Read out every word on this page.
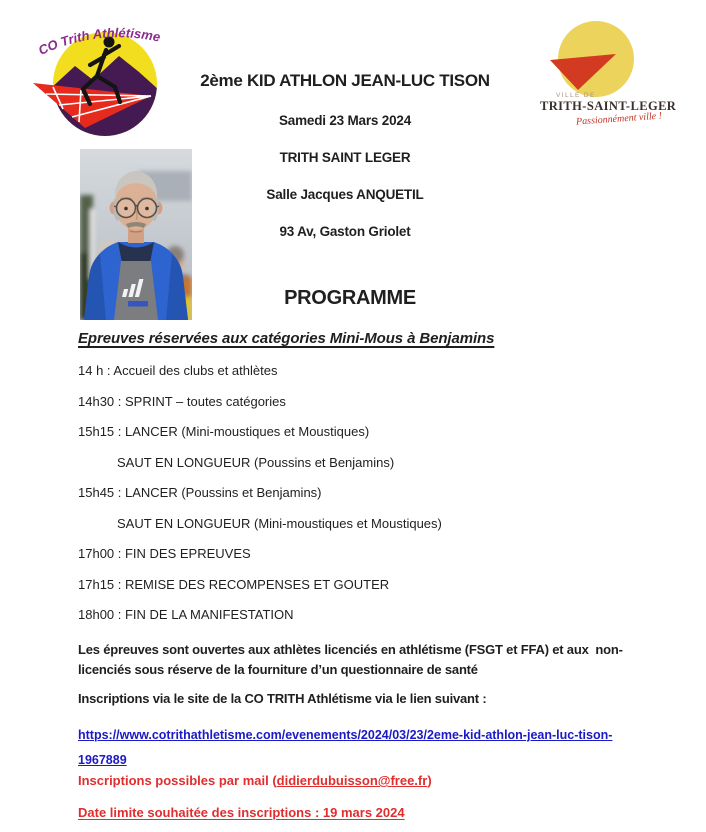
CO Trith Athlétisme
VILLE DE
TRITH-SAINT-LEGER
Passionnément ville !
2ème KID ATHLON JEAN-LUC TISON
Samedi 23 Mars 2024
TRITH SAINT LEGER
Salle Jacques ANQUETIL
93 Av, Gaston Griolet
PROGRAMME
Epreuves réservées aux catégories Mini-Mous à Benjamins
14 h : Accueil des clubs et athlètes
14h30 : SPRINT – toutes catégories
15h15 : LANCER (Mini-moustiques et Moustiques)
SAUT EN LONGUEUR (Poussins et Benjamins)
15h45 : LANCER (Poussins et Benjamins)
SAUT EN LONGUEUR (Mini-moustiques et Moustiques)
17h00 : FIN DES EPREUVES
17h15 : REMISE DES RECOMPENSES ET GOUTER
18h00 : FIN DE LA MANIFESTATION
Les épreuves sont ouvertes aux athlètes licenciés en athlétisme (FSGT et FFA) et aux  non-
licenciés sous réserve de la fourniture d’un questionnaire de santé
Inscriptions via le site de la CO TRITH Athlétisme via le lien suivant :
https://www.cotrithathletisme.com/evenements/2024/03/23/2eme-kid-athlon-jean-luc-tison-
1967889
Inscriptions possibles par mail (didierdubuisson@free.fr)
Date limite souhaitée des inscriptions : 19 mars 2024
